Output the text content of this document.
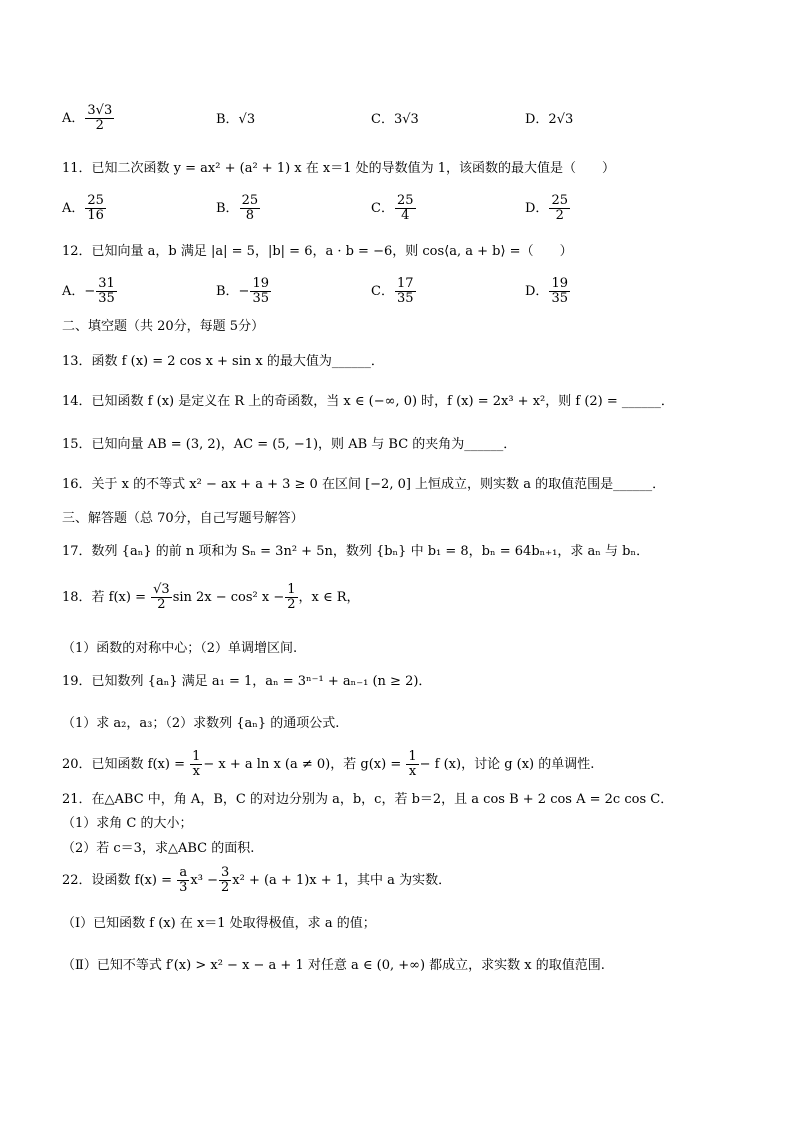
A． $\frac{3√3}{2}$	B．√3	C．3√3	D．2√3
11．已知二次函数 y = ax² + (a² + 1) x 在 x＝1 处的导数值为 1，该函数的最大值是（　　）
A． $\frac{25}{16}$	B． $\frac{25}{8}$	C． $\frac{25}{4}$	D． $\frac{25}{2}$
12．已知向量 a，b 满足 |a| = 5，|b| = 6，a · b = −6，则 cos⟨a, a + b⟩ =（　　）
A．− $\frac{31}{35}$	B．− $\frac{19}{35}$	C． $\frac{17}{35}$	D． $\frac{19}{35}$
二、填空题（共 20分，每题 5分）
13．函数 f (x) = 2 cos x + sin x 的最大值为______．
14．已知函数 f (x) 是定义在 R 上的奇函数，当 x ∈ (−∞, 0) 时，f (x) = 2x³ + x²，则 f (2) = ______．
15．已知向量 AB = (3, 2)，AC = (5, −1)，则 AB 与 BC 的夹角为______．
16．关于 x 的不等式 x² − ax + a + 3 ≥ 0 在区间 [−2, 0] 上恒成立，则实数 a 的取值范围是______．
三、解答题（总 70分，自己写题号解答）
17．数列 {aₙ} 的前 n 项和为 Sₙ = 3n² + 5n，数列 {bₙ} 中 b₁ = 8，bₙ = 64bₙ₊₁，求 aₙ 与 bₙ．
18．若 $f(x) = \frac{√3}{2}$ sin 2x − cos² $x - \frac{1}{2}$ ，x ∈ R，
（1）函数的对称中心；（2）单调增区间.
19．已知数列 {aₙ} 满足 a₁ = 1，aₙ = 3ⁿ⁻¹ + aₙ₋₁ (n ≥ 2)．
（1）求 a₂，a₃；（2）求数列 {aₙ} 的通项公式.
20．已知函数 $f(x) = \frac{1}{x} - x + a$ ln x (a ≠ 0)，若 $g(x) = \frac{1}{x} - f$ (x)，讨论 g (x) 的单调性.
21．在△ABC 中，角 A，B，C 的对边分别为 a，b，c，若 b＝2，且 a cos B + 2 cos A = 2c cos C．
（1）求角 C 的大小；
（2）若 c＝3，求△ABC 的面积.
22．设函数 $f(x) = \frac{a}{3} x^3 - \frac{3}{2} x^2 + (a + 1)x + 1$，其中 a 为实数．
（Ⅰ）已知函数 f (x) 在 x＝1 处取得极值，求 a 的值；
（Ⅱ）已知不等式 f′(x) > x² − x − a + 1 对任意 a ∈ (0, +∞) 都成立，求实数 x 的取值范围.
